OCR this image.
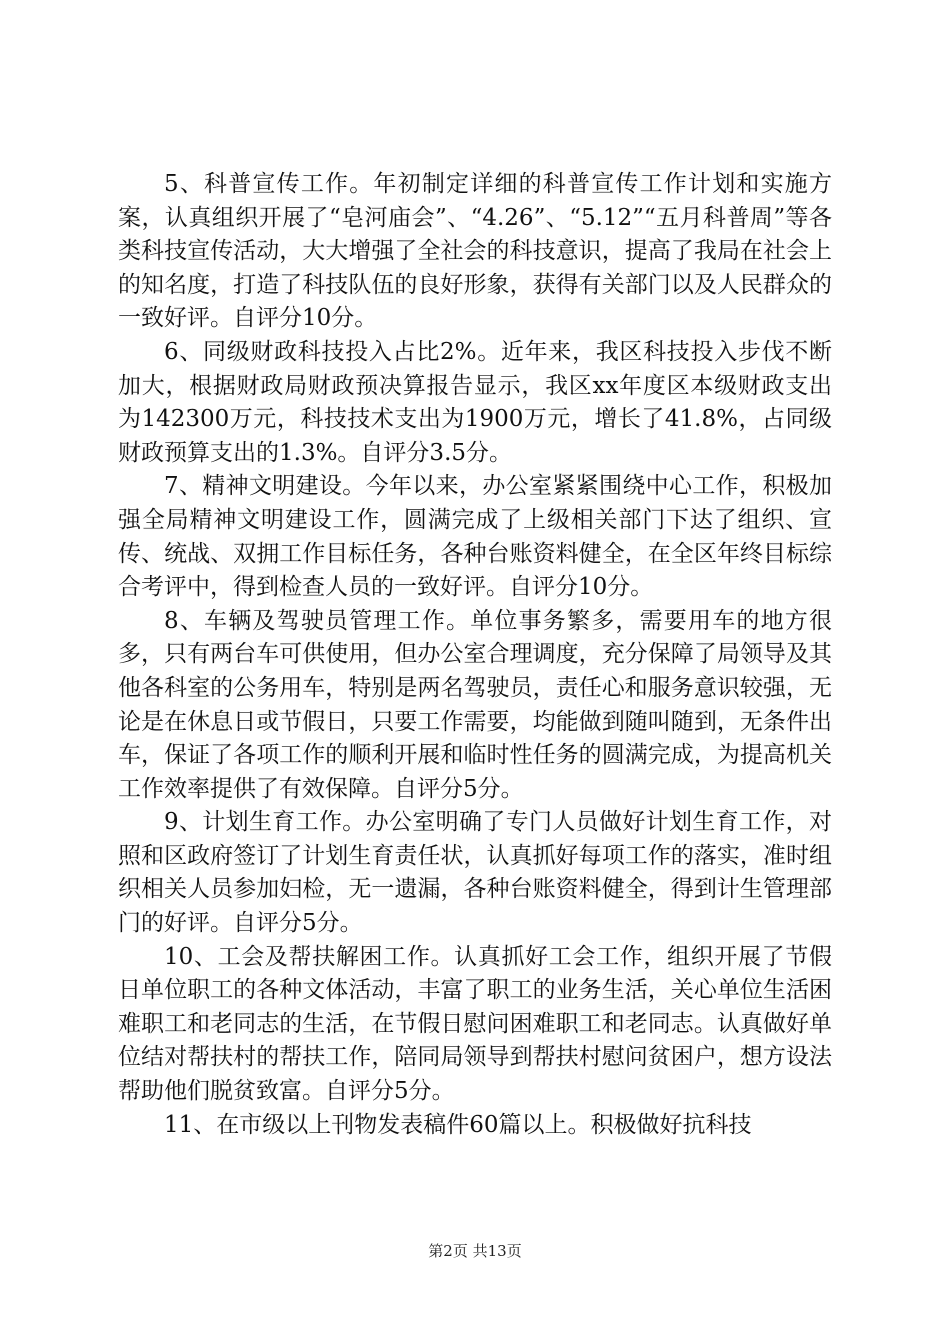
5、科普宣传工作。年初制定详细的科普宣传工作计划和实施方案，认真组织开展了“皂河庙会”、“4.26”、“5.12”“五月科普周”等各类科技宣传活动，大大增强了全社会的科技意识，提高了我局在社会上的知名度，打造了科技队伍的良好形象，获得有关部门以及人民群众的一致好评。自评分10分。

6、同级财政科技投入占比2%。近年来，我区科技投入步伐不断加大，根据财政局财政预决算报告显示，我区xx年度区本级财政支出为142300万元，科技技术支出为1900万元，增长了41.8%，占同级财政预算支出的1.3%。自评分3.5分。

7、精神文明建设。今年以来，办公室紧紧围绕中心工作，积极加强全局精神文明建设工作，圆满完成了上级相关部门下达了组织、宣传、统战、双拥工作目标任务，各种台账资料健全，在全区年终目标综合考评中，得到检查人员的一致好评。自评分10分。

8、车辆及驾驶员管理工作。单位事务繁多，需要用车的地方很多，只有两台车可供使用，但办公室合理调度，充分保障了局领导及其他各科室的公务用车，特别是两名驾驶员，责任心和服务意识较强，无论是在休息日或节假日，只要工作需要，均能做到随叫随到，无条件出车，保证了各项工作的顺利开展和临时性任务的圆满完成，为提高机关工作效率提供了有效保障。自评分5分。

9、计划生育工作。办公室明确了专门人员做好计划生育工作，对照和区政府签订了计划生育责任状，认真抓好每项工作的落实，准时组织相关人员参加妇检，无一遗漏，各种台账资料健全，得到计生管理部门的好评。自评分5分。

10、工会及帮扶解困工作。认真抓好工会工作，组织开展了节假日单位职工的各种文体活动，丰富了职工的业务生活，关心单位生活困难职工和老同志的生活，在节假日慰问困难职工和老同志。认真做好单位结对帮扶村的帮扶工作，陪同局领导到帮扶村慰问贫困户，想方设法帮助他们脱贫致富。自评分5分。

11、在市级以上刊物发表稿件60篇以上。积极做好抗科技

第2页 共13页
